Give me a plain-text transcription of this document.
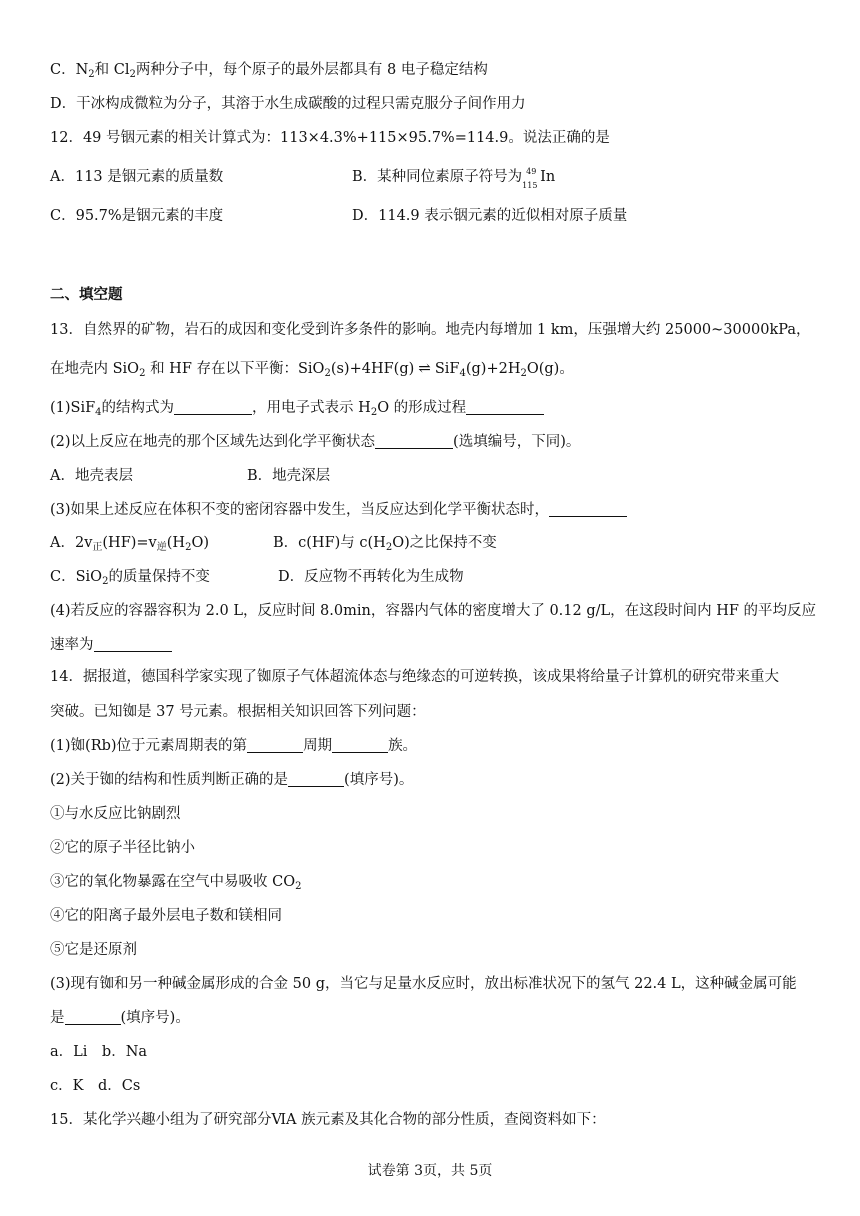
C．$N_2$和 $Cl_2$两种分子中，每个原子的最外层都具有 8 电子稳定结构
D．干冰构成微粒为分子，其溶于水生成碳酸的过程只需克服分子间作用力
12．49 号铟元素的相关计算式为：113×4.3%+115×95.7%=114.9。说法正确的是
A．113 是铟元素的质量数	B．某种同位素原子符号为 49
115
In
C．95.7%是铟元素的丰度	D．114.9 表示铟元素的近似相对原子质量
二、填空题
13．自然界的矿物，岩石的成因和变化受到许多条件的影响。地壳内每增加 1 km，压强增大约 25000~30000kPa，
在地壳内 SiO$_2$ 和 HF 存在以下平衡：SiO$_2$(s)+4HF(g) ⇌ $SiF_4(g)+2H_2O(g)$。
(1)SiF$_4$的结构式为	，用电子式表示 $H_2O$ 的形成过程
(2)以上反应在地壳的那个区域先达到化学平衡状态	(选填编号，下同)。
A．地壳表层	B．地壳深层
(3)如果上述反应在体积不变的密闭容器中发生，当反应达到化学平衡状态时，
A．$2v_正(HF)=v_逆(H_2O)$	B．c(HF)与 $c(H_2O)$之比保持不变
C．SiO$_2$的质量保持不变	D．反应物不再转化为生成物
(4)若反应的容器容积为 2.0 L，反应时间 8.0min，容器内气体的密度增大了 0.12 g/L，在这段时间内 HF 的平均反应
速率为
14．据报道，德国科学家实现了铷原子气体超流体态与绝缘态的可逆转换，该成果将给量子计算机的研究带来重大
突破。已知铷是 37 号元素。根据相关知识回答下列问题：
(1)铷(Rb)位于元素周期表的第	周期	族。
(2)关于铷的结构和性质判断正确的是	(填序号)。
①与水反应比钠剧烈
②它的原子半径比钠小
③它的氧化物暴露在空气中易吸收 $CO_2$
④它的阳离子最外层电子数和镁相同
⑤它是还原剂
(3)现有铷和另一种碱金属形成的合金 50 g，当它与足量水反应时，放出标准状况下的氢气 22.4 L，这种碱金属可能
是	(填序号)。
a．Li　b．Na
c．K　d．Cs
15．某化学兴趣小组为了研究部分ⅥA 族元素及其化合物的部分性质，查阅资料如下：
试卷第 3页，共 5页
